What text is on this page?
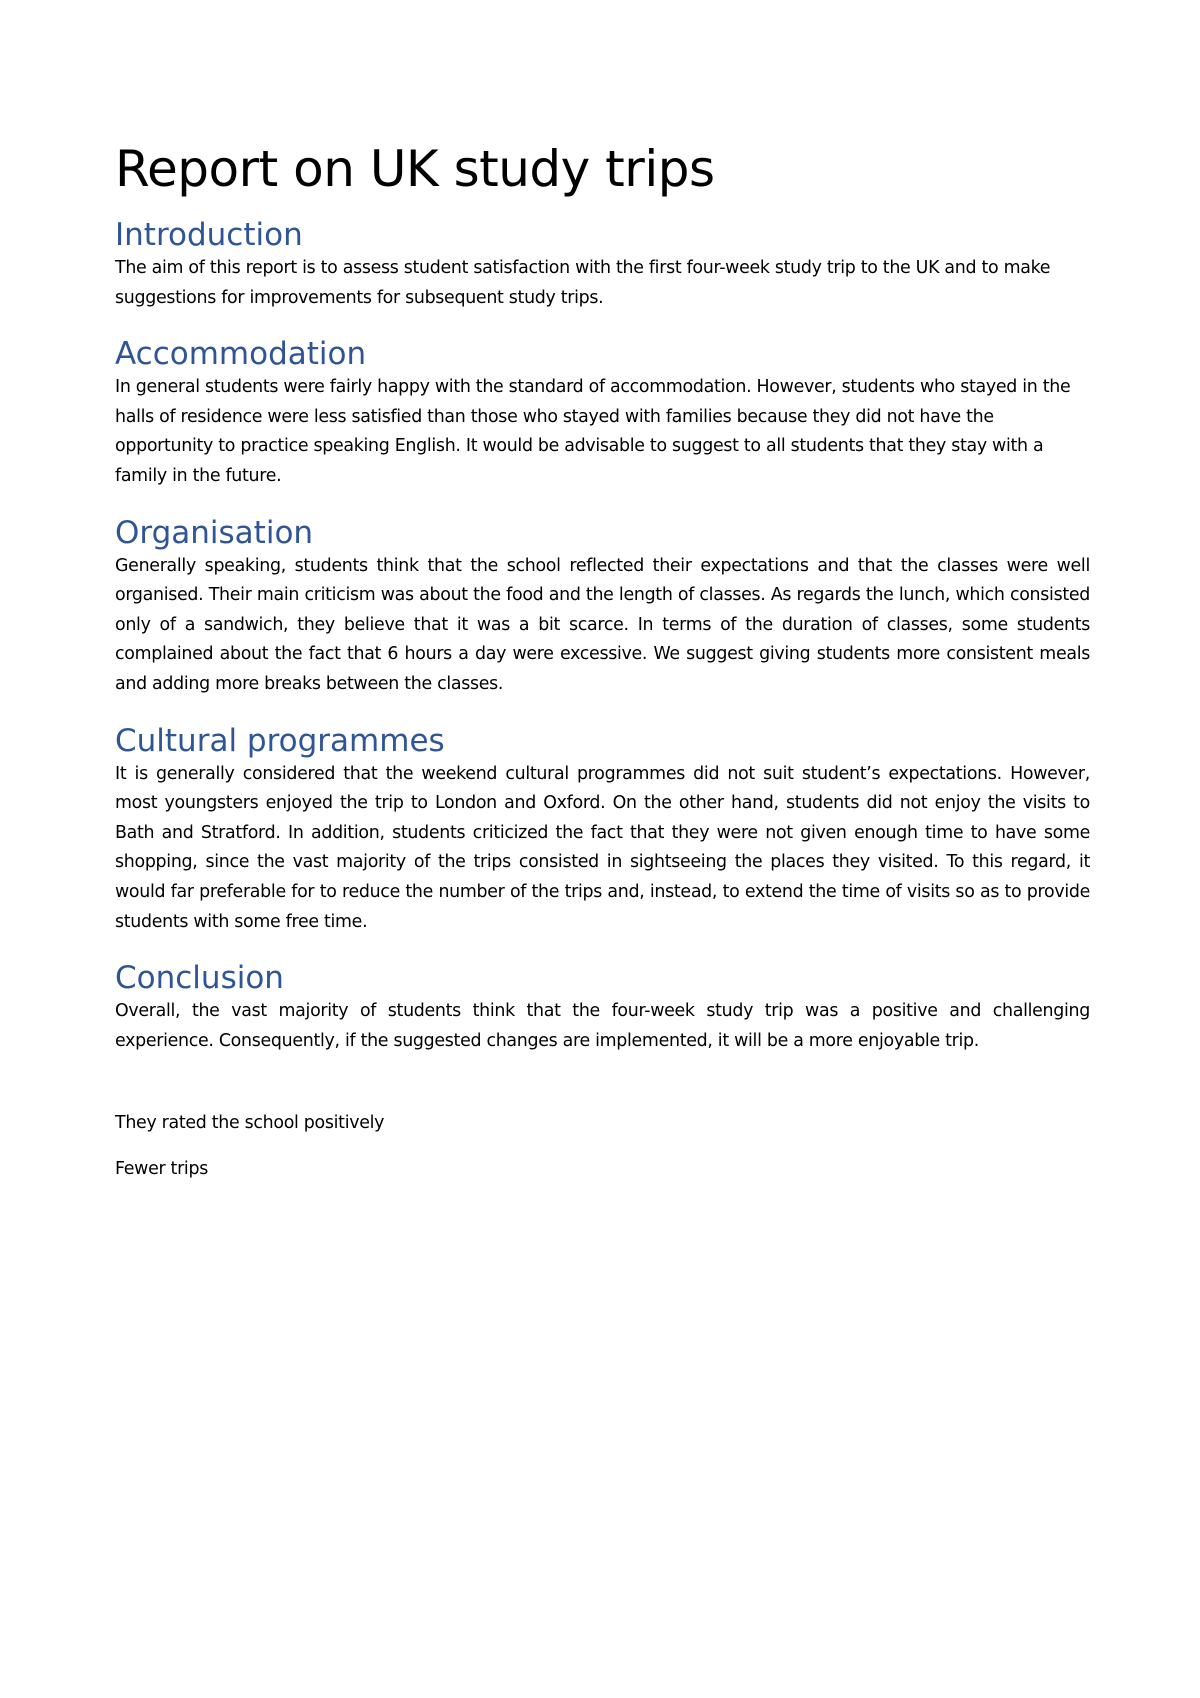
Report on UK study trips
Introduction

The aim of this report is to assess student satisfaction with the first four-week study trip to the UK and to make suggestions for improvements for subsequent study trips.

Accommodation

In general students were fairly happy with the standard of accommodation. However, students who stayed in the halls of residence were less satisfied than those who stayed with families because they did not have the opportunity to practice speaking English. It would be advisable to suggest to all students that they stay with a family in the future.

Organisation

Generally speaking, students think that the school reflected their expectations and that the classes were well organised. Their main criticism was about the food and the length of classes. As regards the lunch, which consisted only of a sandwich, they believe that it was a bit scarce. In terms of the duration of classes, some students complained about the fact that 6 hours a day were excessive. We suggest giving students more consistent meals and adding more breaks between the classes.

Cultural programmes

It is generally considered that the weekend cultural programmes did not suit student’s expectations. However, most youngsters enjoyed the trip to London and Oxford. On the other hand, students did not enjoy the visits to Bath and Stratford. In addition, students criticized the fact that they were not given enough time to have some shopping, since the vast majority of the trips consisted in sightseeing the places they visited. To this regard, it would far preferable for to reduce the number of the trips and, instead, to extend the time of visits so as to provide students with some free time.

Conclusion

Overall, the vast majority of students think that the four-week study trip was a positive and challenging experience. Consequently, if the suggested changes are implemented, it will be a more enjoyable trip.

They rated the school positively

Fewer trips
